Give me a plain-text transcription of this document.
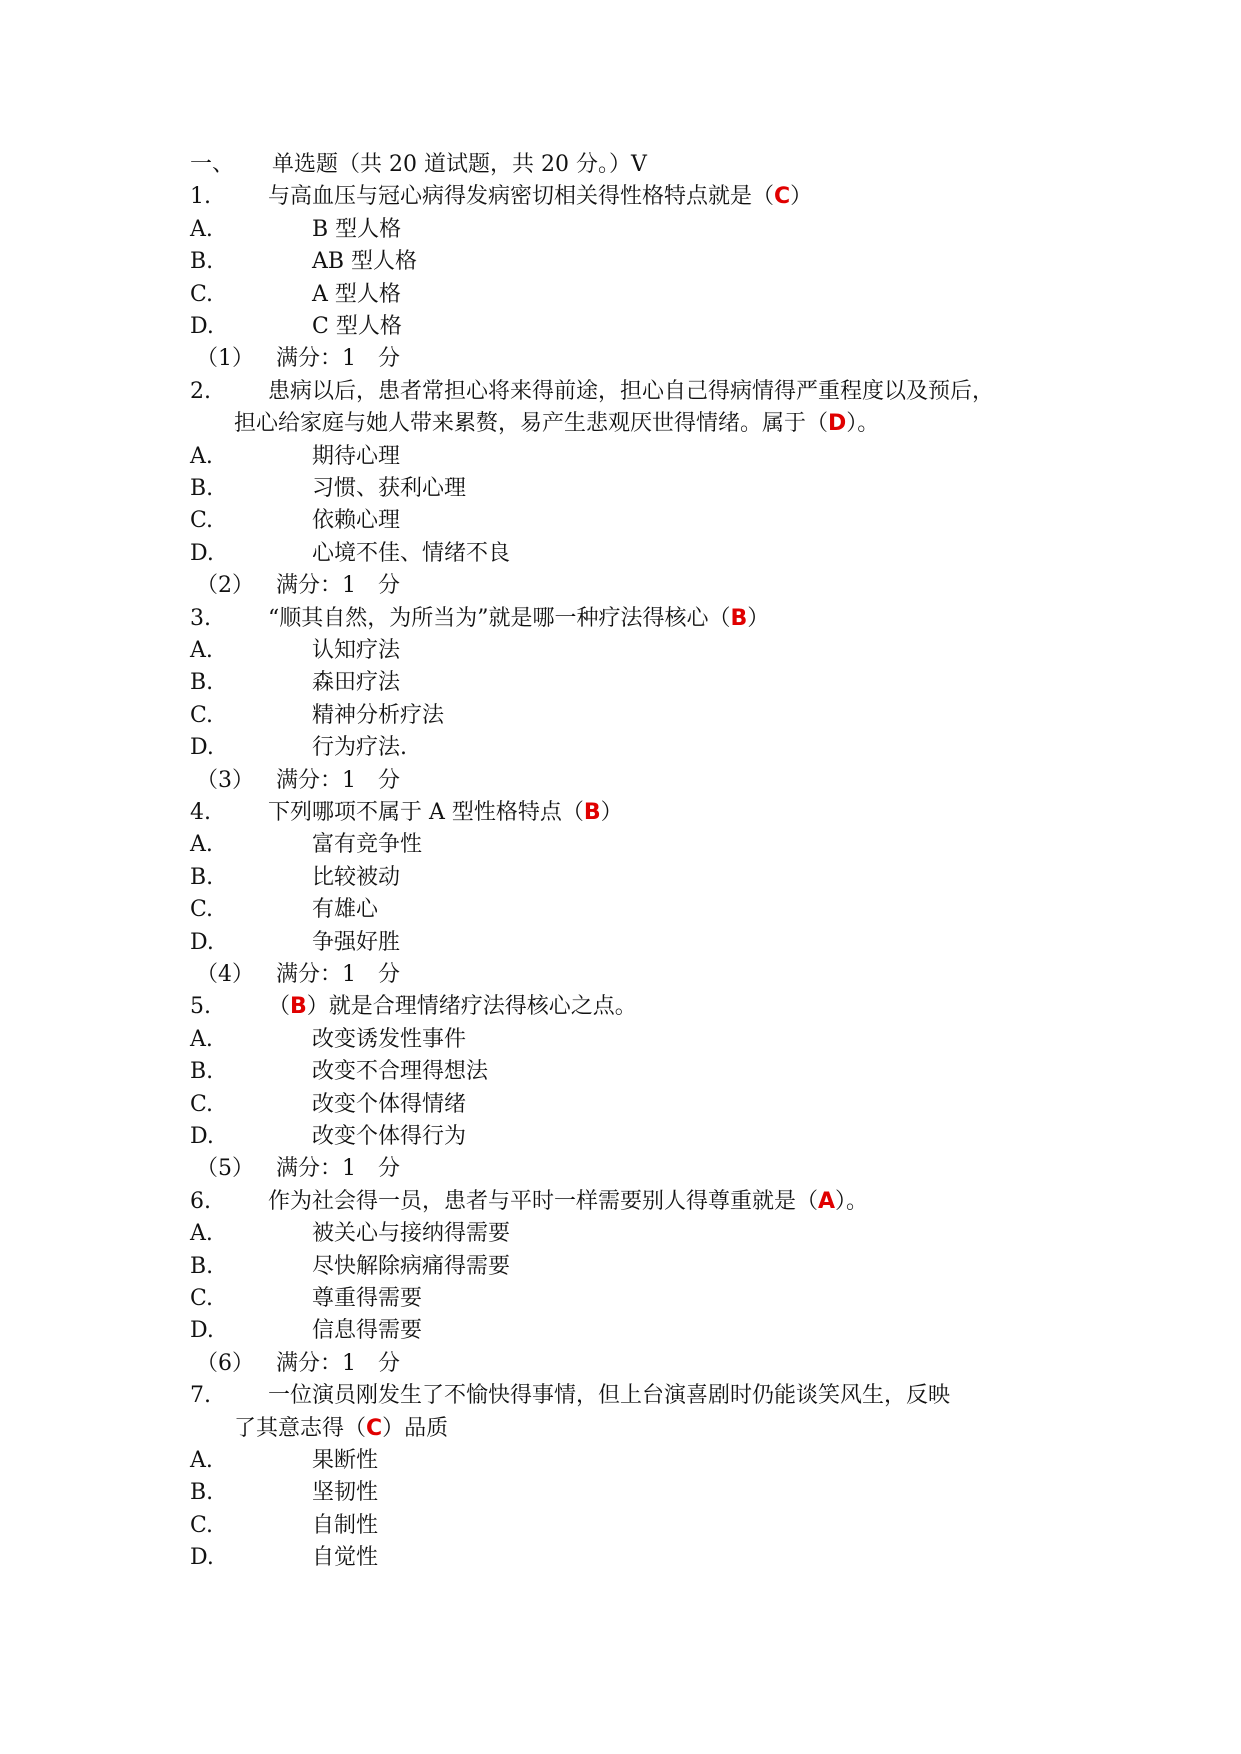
一、 单选题（共 20 道试题，共 20 分。）V
1.	与高血压与冠心病得发病密切相关得性格特点就是（C）
A.	B 型人格
B.	AB 型人格
C.	A 型人格
D.	C 型人格
（1） 满分：1　分
2.	患病以后，患者常担心将来得前途，担心自己得病情得严重程度以及预后，
担心给家庭与她人带来累赘，易产生悲观厌世得情绪。属于（D）。
A.	期待心理
B.	习惯、获利心理
C.	依赖心理
D.	心境不佳、情绪不良
（2） 满分：1　分
3.	“顺其自然，为所当为”就是哪一种疗法得核心（B）
A.	认知疗法
B.	森田疗法
C.	精神分析疗法
D.	行为疗法.
（3） 满分：1　分
4.	下列哪项不属于 A 型性格特点（B）
A.	富有竞争性
B.	比较被动
C.	有雄心
D.	争强好胜
（4） 满分：1　分
5.	（B）就是合理情绪疗法得核心之点。
A.	改变诱发性事件
B.	改变不合理得想法
C.	改变个体得情绪
D.	改变个体得行为
（5） 满分：1　分
6.	作为社会得一员，患者与平时一样需要别人得尊重就是（A）。
A.	被关心与接纳得需要
B.	尽快解除病痛得需要
C.	尊重得需要
D.	信息得需要
（6） 满分：1　分
7.	一位演员刚发生了不愉快得事情，但上台演喜剧时仍能谈笑风生，反映
了其意志得（C）品质
A.	果断性
B.	坚韧性
C.	自制性
D.	自觉性
